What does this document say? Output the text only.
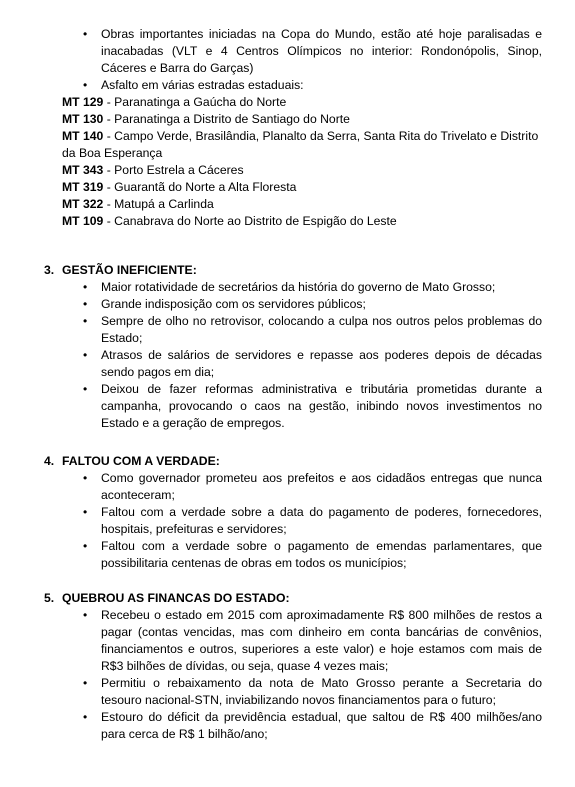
• Obras importantes iniciadas na Copa do Mundo, estão até hoje paralisadas e inacabadas (VLT e 4 Centros Olímpicos no interior: Rondonópolis, Sinop, Cáceres e Barra do Garças)
• Asfalto em várias estradas estaduais:
MT 129 - Paranatinga a Gaúcha do Norte
MT 130 - Paranatinga a Distrito de Santiago do Norte
MT 140 - Campo Verde, Brasilândia, Planalto da Serra, Santa Rita do Trivelato e Distrito da Boa Esperança
MT 343 - Porto Estrela a Cáceres
MT 319 - Guarantã do Norte a Alta Floresta
MT 322 - Matupá a Carlinda
MT 109 - Canabrava do Norte ao Distrito de Espigão do Leste
3. GESTÃO INEFICIENTE:
• Maior rotatividade de secretários da história do governo de Mato Grosso;
• Grande indisposição com os servidores públicos;
• Sempre de olho no retrovisor, colocando a culpa nos outros pelos problemas do Estado;
• Atrasos de salários de servidores e repasse aos poderes depois de décadas sendo pagos em dia;
• Deixou de fazer reformas administrativa e tributária prometidas durante a campanha, provocando o caos na gestão, inibindo novos investimentos no Estado e a geração de empregos.
4. FALTOU COM A VERDADE:
• Como governador prometeu aos prefeitos e aos cidadãos entregas que nunca aconteceram;
• Faltou com a verdade sobre a data do pagamento de poderes, fornecedores, hospitais, prefeituras e servidores;
• Faltou com a verdade sobre o pagamento de emendas parlamentares, que possibilitaria centenas de obras em todos os municípios;
5. QUEBROU AS FINANCAS DO ESTADO:
• Recebeu o estado em 2015 com aproximadamente R$ 800 milhões de restos a pagar (contas vencidas, mas com dinheiro em conta bancárias de convênios, financiamentos e outros, superiores a este valor) e hoje estamos com mais de R$3 bilhões de dívidas, ou seja, quase 4 vezes mais;
• Permitiu o rebaixamento da nota de Mato Grosso perante a Secretaria do tesouro nacional-STN, inviabilizando novos financiamentos para o futuro;
• Estouro do déficit da previdência estadual, que saltou de R$ 400 milhões/ano para cerca de R$ 1 bilhão/ano;
